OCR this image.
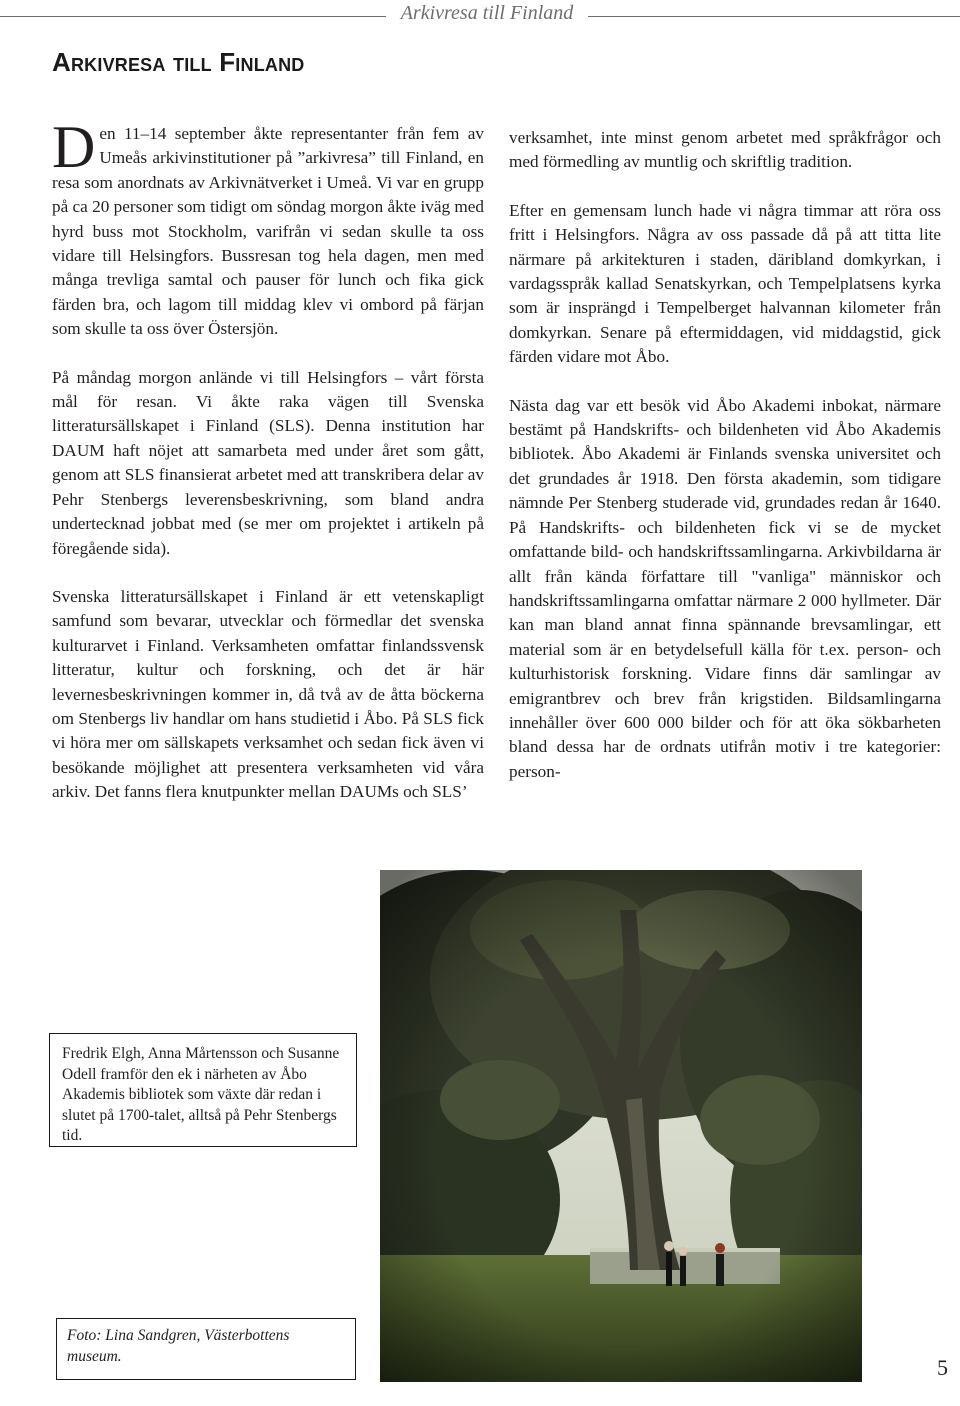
Arkivresa till Finland
Arkivresa till Finland

Den 11–14 september åkte representanter från fem av Umeås arkivinstitutioner på ”arkivresa” till Finland, en resa som anordnats av Arkivnätverket i Umeå. Vi var en grupp på ca 20 personer som tidigt om söndag morgon åkte iväg med hyrd buss mot Stockholm, varifrån vi sedan skulle ta oss vidare till Helsingfors. Bussresan tog hela dagen, men med många trevliga samtal och pauser för lunch och fika gick färden bra, och lagom till middag klev vi ombord på färjan som skulle ta oss över Östersjön.

På måndag morgon anlände vi till Helsingfors – vårt första mål för resan. Vi åkte raka vägen till Svenska litteratursällskapet i Finland (SLS). Denna institution har DAUM haft nöjet att samarbeta med under året som gått, genom att SLS finansierat arbetet med att transkribera delar av Pehr Stenbergs leverensbeskrivning, som bland andra undertecknad jobbat med (se mer om projektet i artikeln på föregående sida).

Svenska litteratursällskapet i Finland är ett vetenskapligt samfund som bevarar, utvecklar och förmedlar det svenska kulturarvet i Finland. Verksamheten omfattar finlandssvensk litteratur, kultur och forskning, och det är här levernesbeskrivningen kommer in, då två av de åtta böckerna om Stenbergs liv handlar om hans studietid i Åbo. På SLS fick vi höra mer om sällskapets verksamhet och sedan fick även vi besökande möjlighet att presentera verksamheten vid våra arkiv. Det fanns flera knutpunkter mellan DAUMs och SLS’

verksamhet, inte minst genom arbetet med språkfrågor och med förmedling av muntlig och skriftlig tradition.

Efter en gemensam lunch hade vi några timmar att röra oss fritt i Helsingfors. Några av oss passade då på att titta lite närmare på arkitekturen i staden, däribland domkyrkan, i vardagsspråk kallad Senatskyrkan, och Tempelplatsens kyrka som är insprängd i Tempelberget halvannan kilometer från domkyrkan. Senare på eftermiddagen, vid middagstid, gick färden vidare mot Åbo.

Nästa dag var ett besök vid Åbo Akademi inbokat, närmare bestämt på Handskrifts- och bildenheten vid Åbo Akademis bibliotek. Åbo Akademi är Finlands svenska universitet och det grundades år 1918. Den första akademin, som tidigare nämnde Per Stenberg studerade vid, grundades redan år 1640. På Handskrifts- och bildenheten fick vi se de mycket omfattande bild- och handskriftssamlingarna. Arkivbildarna är allt från kända författare till "vanliga" människor och handskriftssamlingarna omfattar närmare 2 000 hyllmeter. Där kan man bland annat finna spännande brevsamlingar, ett material som är en betydelsefull källa för t.ex. person- och kulturhistorisk forskning. Vidare finns där samlingar av emigrantbrev och brev från krigstiden. Bildsamlingarna innehåller över 600 000 bilder och för att öka sökbarheten bland dessa har de ordnats utifrån motiv i tre kategorier: person-

Fredrik Elgh, Anna Mårtensson och Susanne Odell framför den ek i närheten av Åbo Akademis bibliotek som växte där redan i slutet på 1700-talet, alltså på Pehr Stenbergs tid.
Foto: Lina Sandgren, Västerbottens museum.	5
